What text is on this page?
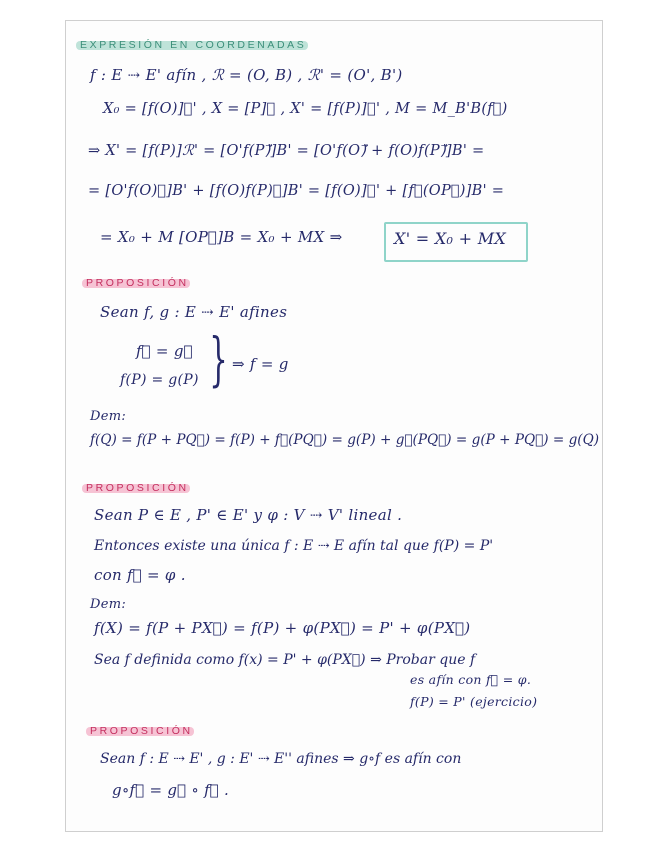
EXPRESIÓN EN COORDENADAS
f : E ⇢ E' afín , ℛ = (O, B) , ℛ' = (O', B')
X₀ = [f(O)]ℛ' , X = [P]ℛ , X' = [f(P)]ℛ' , M = M_B'B(f⃗)
⇒ X' = [f(P)]ℛ' = [O'f(P)⃗]B' = [O'f(O)⃗ + f(O)f(P)⃗]B' =
= [O'f(O)⃗]B' + [f(O)f(P)⃗]B' = [f(O)]ℛ' + [f⃗(OP⃗)]B' =
= X₀ + M [OP⃗]B = X₀ + MX ⇒	X' = X₀ + MX
PROPOSICIÓN
Sean f, g : E ⇢ E' afines
f⃗ = g⃗
f(P) = g(P) } ⇒ f = g
Dem:
f(Q) = f(P + PQ⃗) = f(P) + f⃗(PQ⃗) = g(P) + g⃗(PQ⃗) = g(P + PQ⃗) = g(Q)
PROPOSICIÓN
Sean P ∈ E , P' ∈ E' y φ : V ⇢ V' lineal .
Entonces existe una única f : E ⇢ E afín tal que f(P) = P'
con f⃗ = φ .
Dem:
f(X) = f(P + PX⃗) = f(P) + φ(PX⃗) = P' + φ(PX⃗)
Sea f definida como f(x) = P' + φ(PX⃗) ⇒ Probar que f
es afín con f⃗ = φ.
f(P) = P' (ejercicio)
PROPOSICIÓN
Sean f : E ⇢ E' , g : E' ⇢ E'' afines ⇒ g∘f es afín con
g∘f⃗ = g⃗ ∘ f⃗ .
